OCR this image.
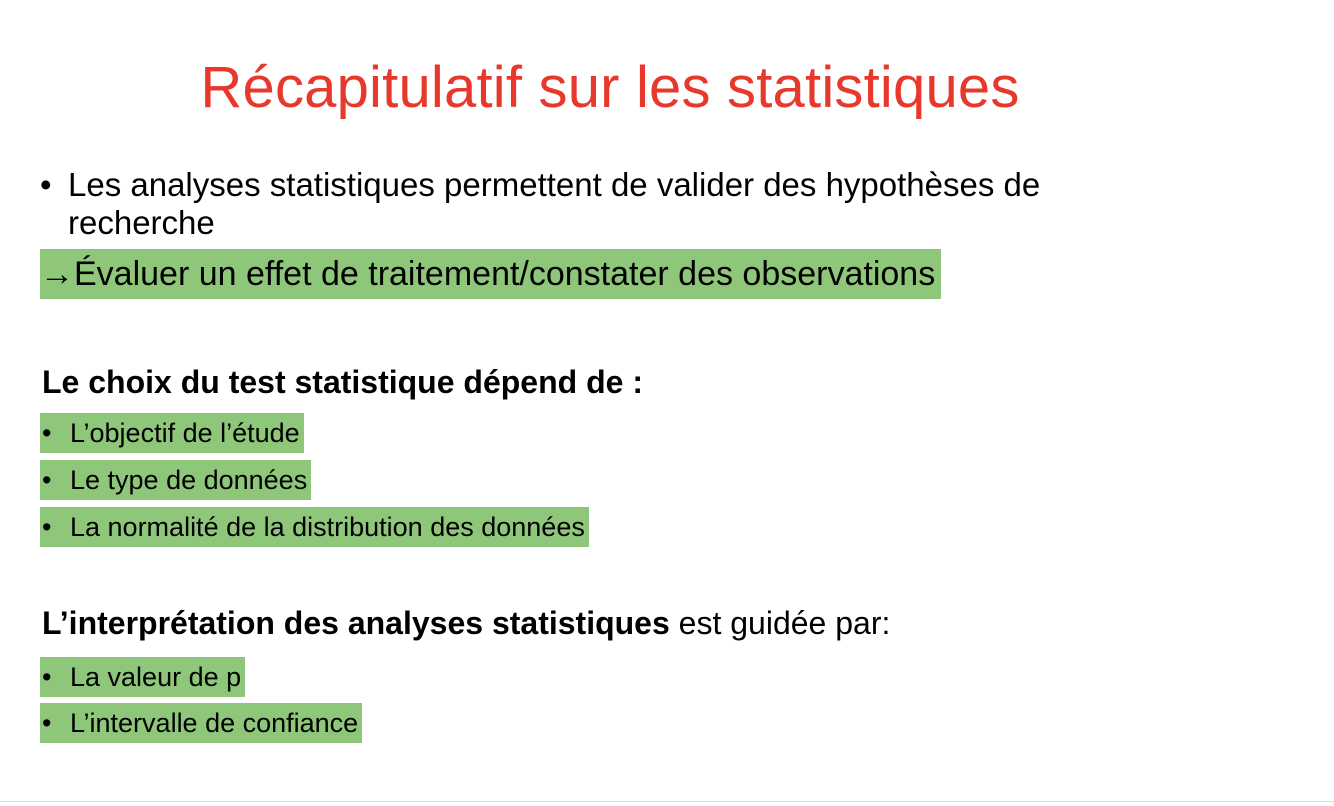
Récapitulatif sur les statistiques
• Les analyses statistiques permettent de valider des hypothèses de recherche
→Évaluer un effet de traitement/constater des observations
Le choix du test statistique dépend de :
• L’objectif de l’étude
• Le type de données
• La normalité de la distribution des données
L’interprétation des analyses statistiques est guidée par:
• La valeur de p
• L’intervalle de confiance
